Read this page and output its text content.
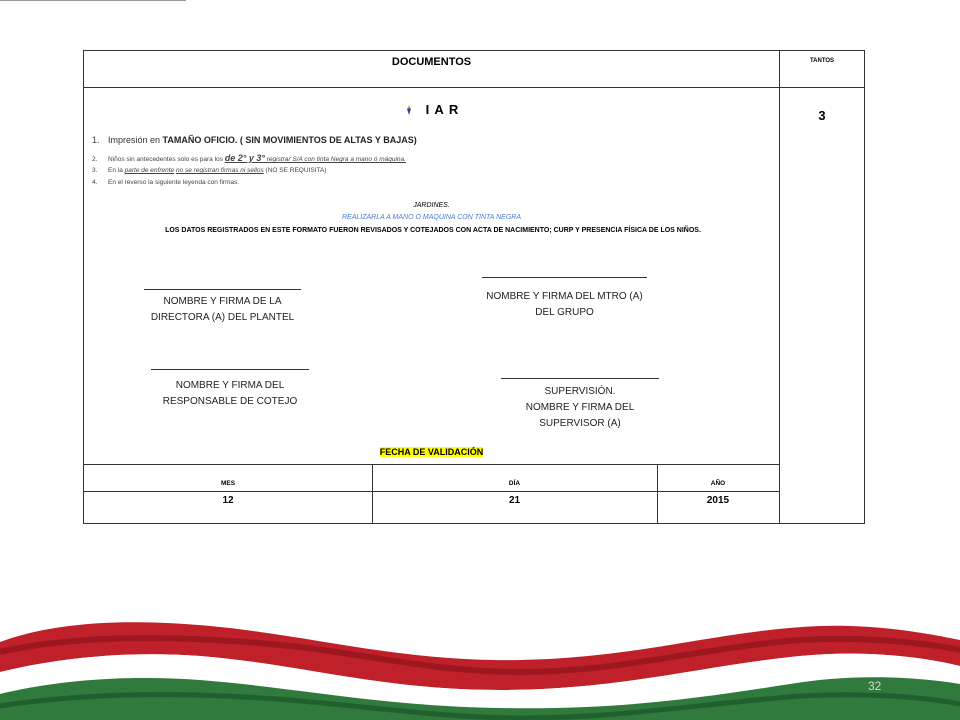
DOCUMENTOS	TANTOS
3
I A R
1. Impresión en TAMAÑO OFICIO. ( SIN MOVIMIENTOS DE ALTAS Y BAJAS)
2. Niños sin antecedentes solo es para los de 2° y 3° registrar S/A con tinta Negra a mano ó máquina.
3. En la parte de enfrente no se registran firmas ni sellos (NO SE REQUISITA)
4. En el reverso la siguiente leyenda con firmas.
JARDINES.
REALIZARLA A MANO O MAQUINA CON TINTA NEGRA
LOS DATOS REGISTRADOS EN ESTE FORMATO FUERON REVISADOS Y COTEJADOS CON ACTA DE NACIMIENTO; CURP Y PRESENCIA FÍSICA DE LOS NIÑOS.
NOMBRE Y FIRMA DE LA
DIRECTORA (A) DEL PLANTEL
NOMBRE Y FIRMA DEL MTRO (A)
DEL GRUPO
NOMBRE Y FIRMA DEL
RESPONSABLE DE COTEJO
SUPERVISIÓN.
NOMBRE Y FIRMA DEL
SUPERVISOR (A)
FECHA DE VALIDACIÓN
MES	DÍA	AÑO
12	21	2015
32
